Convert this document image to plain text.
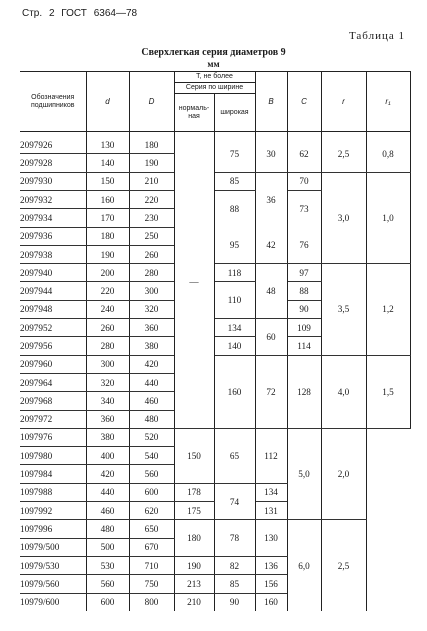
Стр. 2 ГОСТ 6364—78
Таблица 1
Сверхлегкая серия диаметров 9
мм
Обозначения подшипников	d	D	T, не более		B	C	r	r₁
			Серия по ширине					
			нормаль-ная	широкая				
2097926	130	180	—	75	30	62	2,5	0,8
2097928	140	190						
2097930	150	210		85	36	70	3,0	1,0
2097932	160	220		88		73		
2097934	170	230						
2097936	180	250		95	42	76		
2097938	190	260						
2097940	200	280		118	48	97	3,5	1,2
2097944	220	300		110		88		
2097948	240	320				90		
2097952	260	360		134	60	109		
2097956	280	380		140		114		
2097960	300	420		160	72	128	4,0	1,5
2097964	320	440						
2097968	340	460						
2097972	360	480						
1097976	380	520	150	65	112	5,0	2,0	
1097980	400	540						
1097984	420	560						
1097988	440	600	178	74	134			
1097992	460	620	175		131			
1097996	480	650	180	78	130	6,0	2,5	
10979/500	500	670						
10979/530	530	710	190	82	136			
10979/560	560	750	213	85	156			
10979/600	600	800	210	90	160			
